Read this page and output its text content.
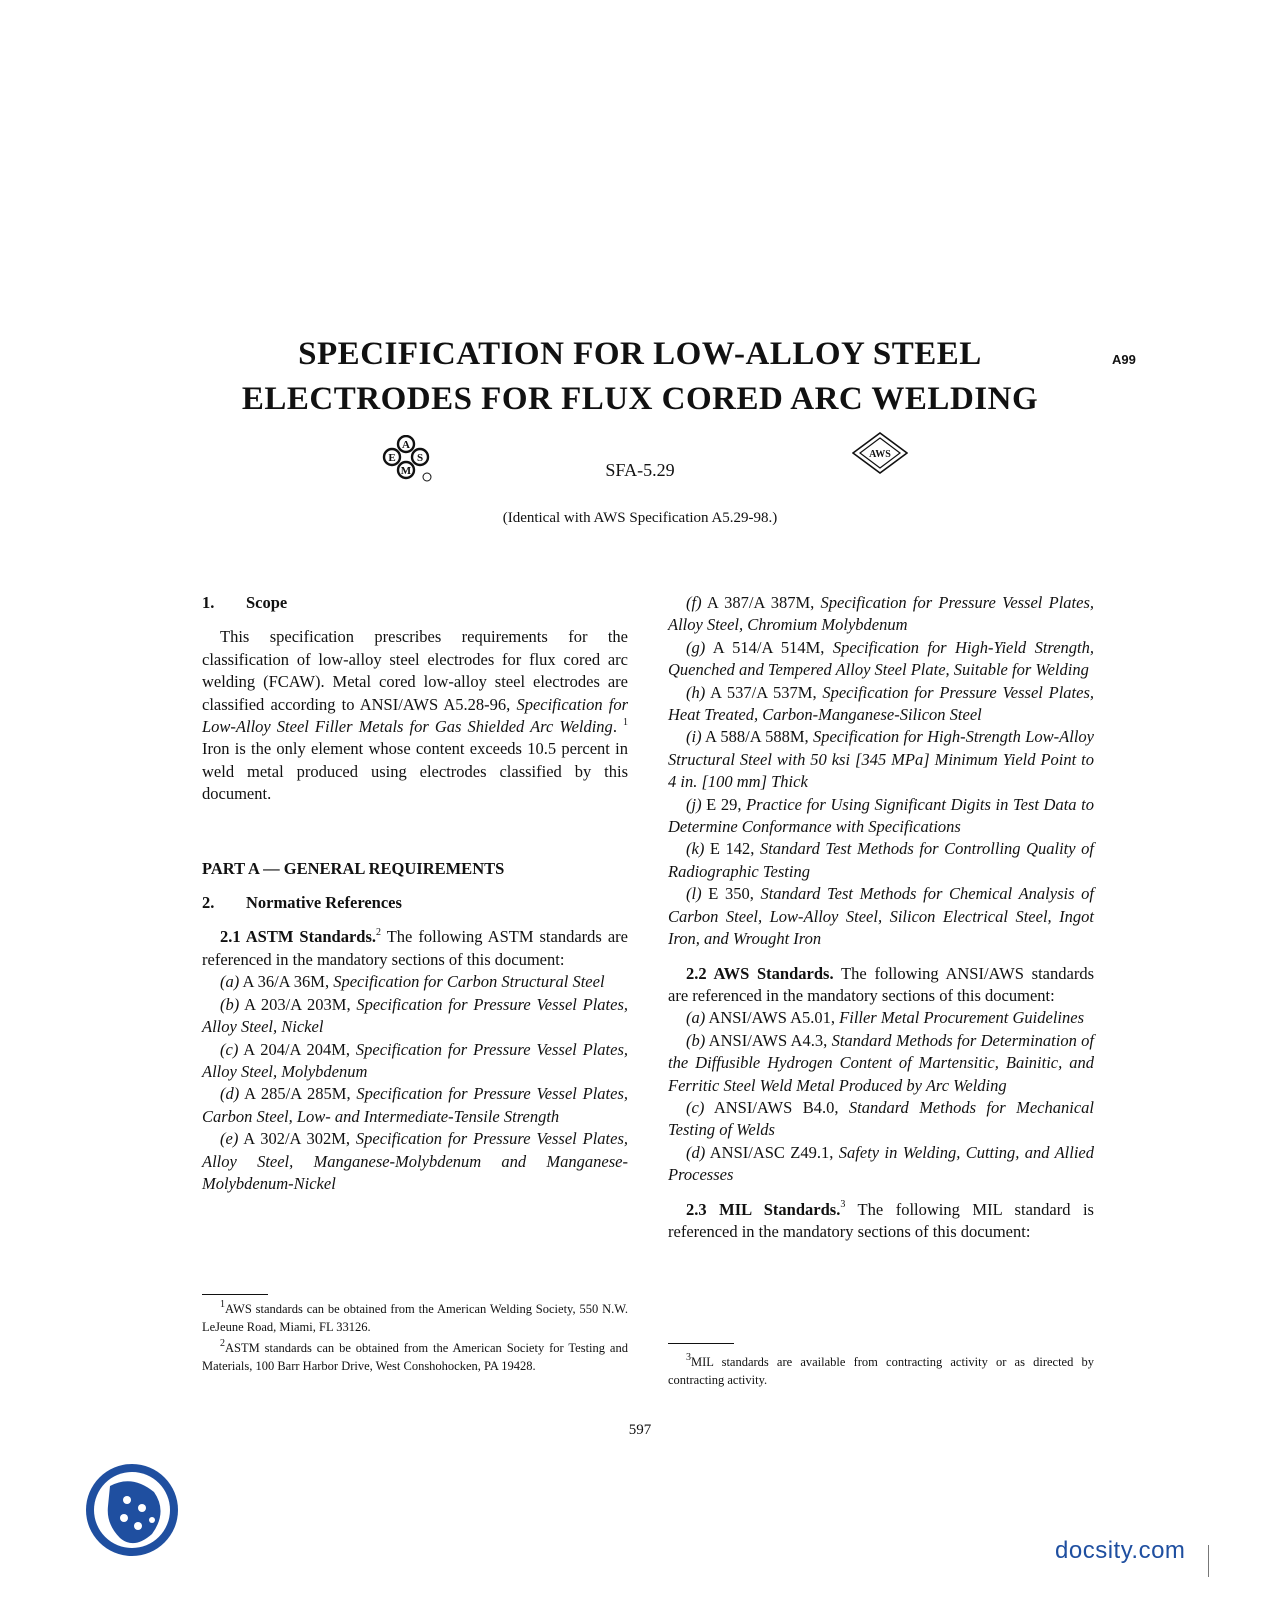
SPECIFICATION FOR LOW-ALLOY STEEL
ELECTRODES FOR FLUX CORED ARC WELDING
A99
A
E S
M	SFA-5.29
AWS
(Identical with AWS Specification A5.29-98.)
1. Scope

This specification prescribes requirements for the classification of low-alloy steel electrodes for flux cored arc welding (FCAW). Metal cored low-alloy steel electrodes are classified according to ANSI/AWS A5.28-96, Specification for Low-Alloy Steel Filler Metals for Gas Shielded Arc Welding. $^1$ Iron is the only element whose content exceeds 10.5 percent in weld metal produced using electrodes classified by this document.

PART A — GENERAL REQUIREMENTS
2. Normative References

2.1 ASTM Standards.$^2$ The following ASTM standards are referenced in the mandatory sections of this document:

(a) A 36/A 36M, Specification for Carbon Structural Steel

(b) A 203/A 203M, Specification for Pressure Vessel Plates, Alloy Steel, Nickel

(c) A 204/A 204M, Specification for Pressure Vessel Plates, Alloy Steel, Molybdenum

(d) A 285/A 285M, Specification for Pressure Vessel Plates, Carbon Steel, Low- and Intermediate-Tensile Strength

(e) A 302/A 302M, Specification for Pressure Vessel Plates, Alloy Steel, Manganese-Molybdenum and Manganese-Molybdenum-Nickel

$^1$AWS standards can be obtained from the American Welding Society, 550 N.W. LeJeune Road, Miami, FL 33126.

$^2$ASTM standards can be obtained from the American Society for Testing and Materials, 100 Barr Harbor Drive, West Conshohocken, PA 19428.

(f) A 387/A 387M, Specification for Pressure Vessel Plates, Alloy Steel, Chromium Molybdenum

(g) A 514/A 514M, Specification for High-Yield Strength, Quenched and Tempered Alloy Steel Plate, Suitable for Welding

(h) A 537/A 537M, Specification for Pressure Vessel Plates, Heat Treated, Carbon-Manganese-Silicon Steel

(i) A 588/A 588M, Specification for High-Strength Low-Alloy Structural Steel with 50 ksi [345 MPa] Minimum Yield Point to 4 in. [100 mm] Thick

(j) E 29, Practice for Using Significant Digits in Test Data to Determine Conformance with Specifications

(k) E 142, Standard Test Methods for Controlling Quality of Radiographic Testing

(l) E 350, Standard Test Methods for Chemical Analysis of Carbon Steel, Low-Alloy Steel, Silicon Electrical Steel, Ingot Iron, and Wrought Iron

2.2 AWS Standards. The following ANSI/AWS standards are referenced in the mandatory sections of this document:

(a) ANSI/AWS A5.01, Filler Metal Procurement Guidelines

(b) ANSI/AWS A4.3, Standard Methods for Determination of the Diffusible Hydrogen Content of Martensitic, Bainitic, and Ferritic Steel Weld Metal Produced by Arc Welding

(c) ANSI/AWS B4.0, Standard Methods for Mechanical Testing of Welds

(d) ANSI/ASC Z49.1, Safety in Welding, Cutting, and Allied Processes

2.3 MIL Standards.$^3$ The following MIL standard is referenced in the mandatory sections of this document:

$^3$MIL standards are available from contracting activity or as directed by contracting activity.

597
docsity.com
